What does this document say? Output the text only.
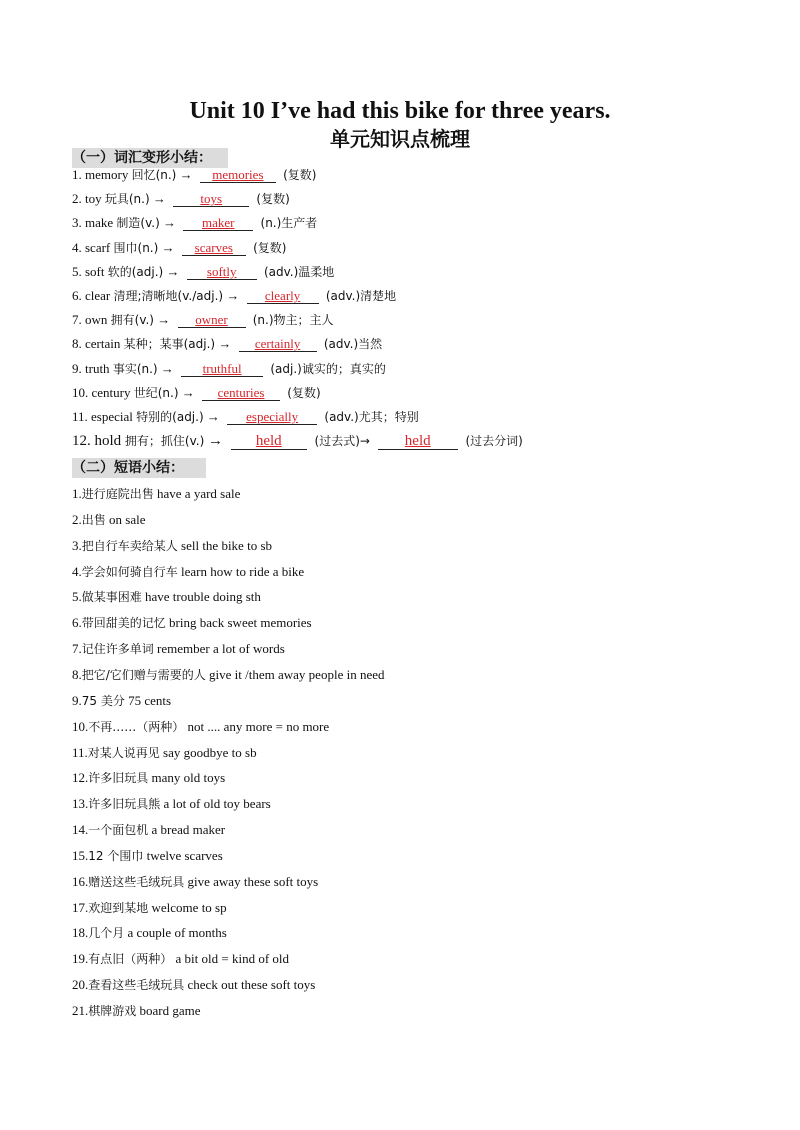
Unit 10 I’ve had this bike for three years.
单元知识点梳理
（一）词汇变形小结：
1. memory 回忆(n.) → memories (复数)
2. toy 玩具(n.) →	toys	(复数)
3. make 制造(v.) → maker (n.)生产者
4. scarf 围巾(n.) → scarves (复数)
5. soft 软的(adj.) → softly (adv.)温柔地
6. clear 清理;清晰地(v./adj.) → clearly (adv.)清楚地
7. own 拥有(v.) → owner (n.)物主；主人
8. certain 某种；某事(adj.) → certainly (adv.)当然
9. truth 事实(n.) → truthful (adj.)诚实的；真实的
10. century 世纪(n.) → centuries (复数)
11. especial 特别的(adj.) → especially (adv.)尤其；特别
12. hold 拥有；抓住(v.) → held	(过去式)→ held	(过去分词)
（二）短语小结：
1.进行庭院出售 have a yard sale
2.出售 on sale
3.把自行车卖给某人 sell the bike to sb
4.学会如何骑自行车 learn how to ride a bike
5.做某事困难 have trouble doing sth
6.带回甜美的记忆 bring back sweet memories
7.记住许多单词 remember a lot of words
8.把它/它们赠与需要的人 give it /them away people in need
9.75 美分 75 cents
10.不再……（两种） not .... any more = no more
11.对某人说再见 say goodbye to sb
12.许多旧玩具 many old toys
13.许多旧玩具熊 a lot of old toy bears
14.一个面包机 a bread maker
15.12 个围巾 twelve scarves
16.赠送这些毛绒玩具 give away these soft toys
17.欢迎到某地 welcome to sp
18.几个月 a couple of months
19.有点旧（两种） a bit old = kind of old
20.查看这些毛绒玩具 check out these soft toys
21.棋牌游戏 board game
